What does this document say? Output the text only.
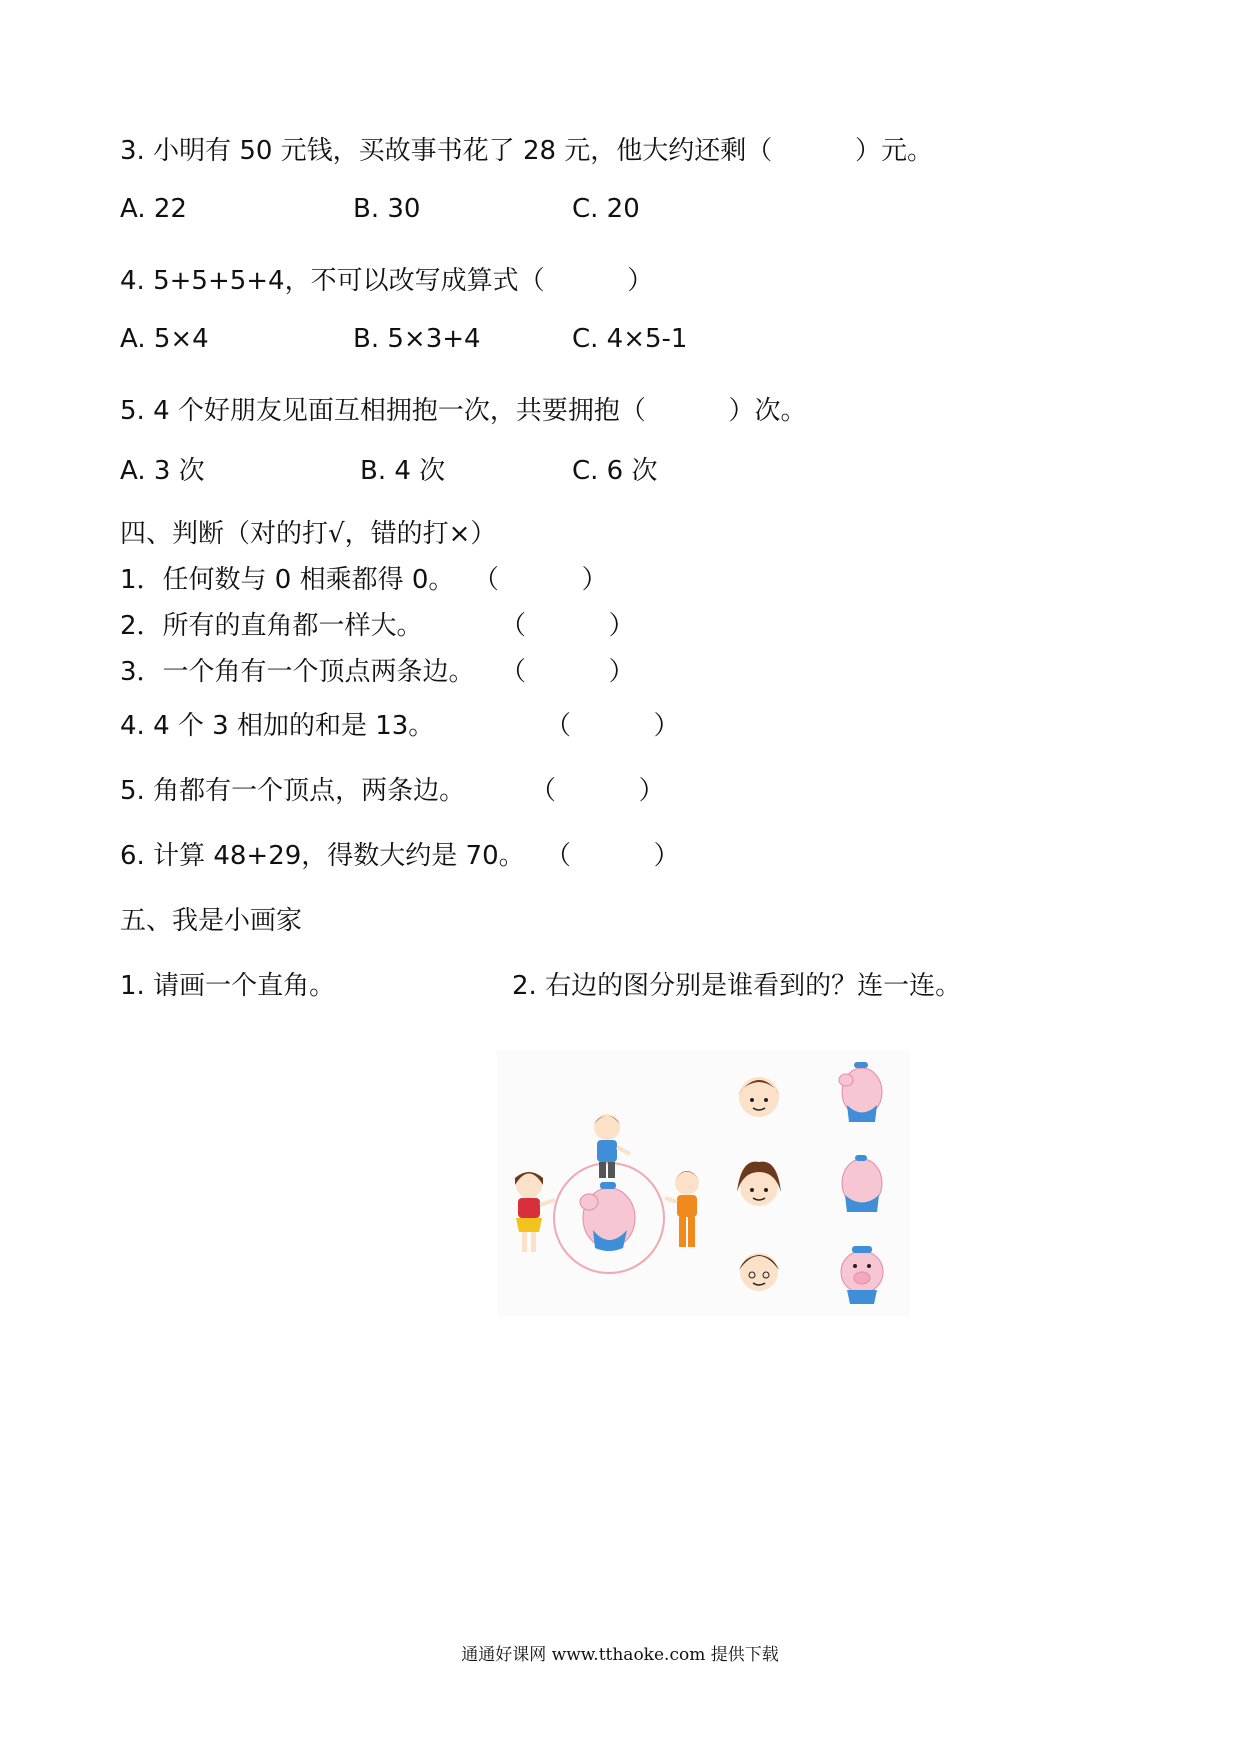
3. 小明有 50 元钱，买故事书花了 28 元，他大约还剩（          ）元。
A. 22	B. 30	C. 20
4. 5+5+5+4，不可以改写成算式（          ）
A. 5×4	B. 5×3+4	C. 4×5-1
5. 4 个好朋友见面互相拥抱一次，共要拥抱（          ）次。
A. 3 次	B. 4 次	C. 6 次
四、判断（对的打√，错的打×）
1．任何数与 0 相乘都得 0。 （          ）
2．所有的直角都一样大。	（          ）
3．一个角有一个顶点两条边。 （          ）
4. 4 个 3 相加的和是 13。	（          ）
5. 角都有一个顶点，两条边。 （          ）
6. 计算 48+29，得数大约是 70。 （          ）
五、我是小画家
1. 请画一个直角。	2. 右边的图分别是谁看到的？连一连。
通通好课网 www.tthaoke.com 提供下载
